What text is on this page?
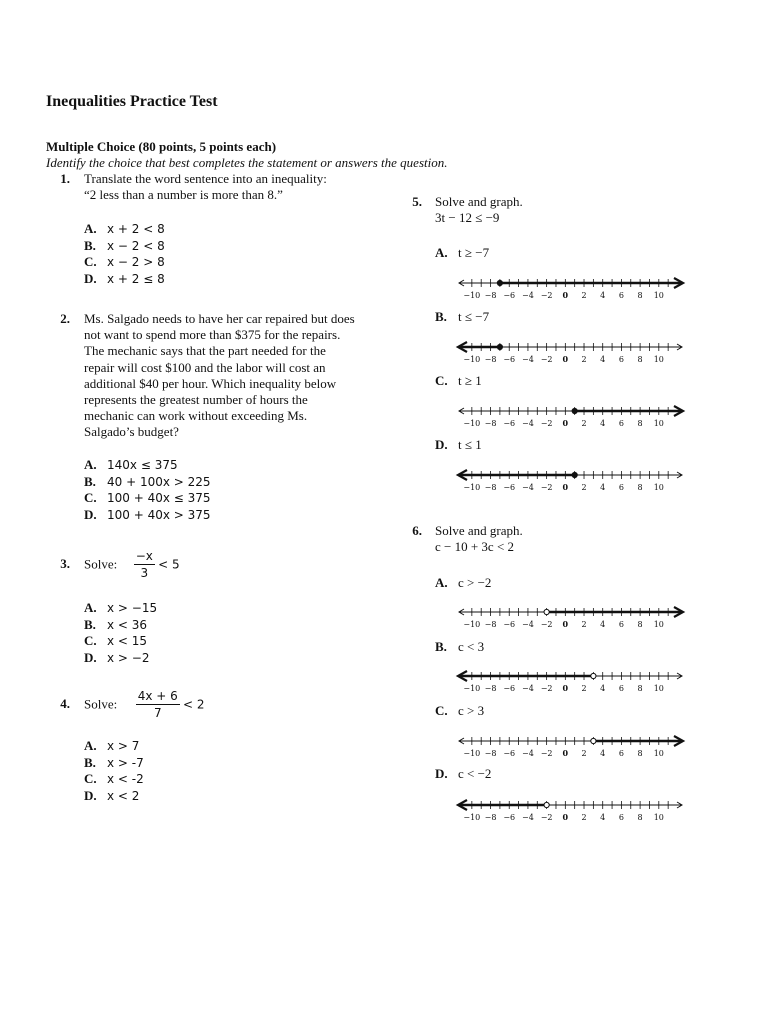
Inequalities Practice Test
Multiple Choice (80 points, 5 points each)
Identify the choice that best completes the statement or answers the question.
1. Translate the word sentence into an inequality:
“2 less than a number is more than 8.”
A. x + 2 < 8
B. x − 2 < 8
C. x − 2 > 8
D. x + 2 ≤ 8
2. Ms. Salgado needs to have her car repaired but does
not want to spend more than $375 for the repairs.
The mechanic says that the part needed for the
repair will cost $100 and the labor will cost an
additional $40 per hour. Which inequality below
represents the greatest number of hours the
mechanic can work without exceeding Ms.
Salgado’s budget?
A. 140x ≤ 375
B. 40 + 100x > 225
C. 100 + 40x ≤ 375
D. 100 + 40x > 375
3. Solve: $\frac{-x}{3} < 5$
A. x > −15
B. x < 36
C. x < 15
D. x > −2
4. Solve: $\frac{4x + 6}{7} < 2$
A. x > 7
B. x > -7
C. x < -2
D. x < 2
5. Solve and graph.
3t − 12 ≤ −9
A. t ≥ −7
B. t ≤ −7
C. t ≥ 1
D. t ≤ 1
6. Solve and graph.
c − 10 + 3c < 2
A. c > −2
B. c < 3
C. c > 3
D. c < −2
−10 −8 −6 −4 −2 0 2 4 6 8 10
−10 −8 −6 −4 −2 0 2 4 6 8 10
−10 −8 −6 −4 −2 0 2 4 6 8 10
−10 −8 −6 −4 −2 0 2 4 6 8 10
−10 −8 −6 −4 −2 0 2 4 6 8 10
−10 −8 −6 −4 −2 0 2 4 6 8 10
−10 −8 −6 −4 −2 0 2 4 6 8 10
−10 −8 −6 −4 −2 0 2 4 6 8 10
